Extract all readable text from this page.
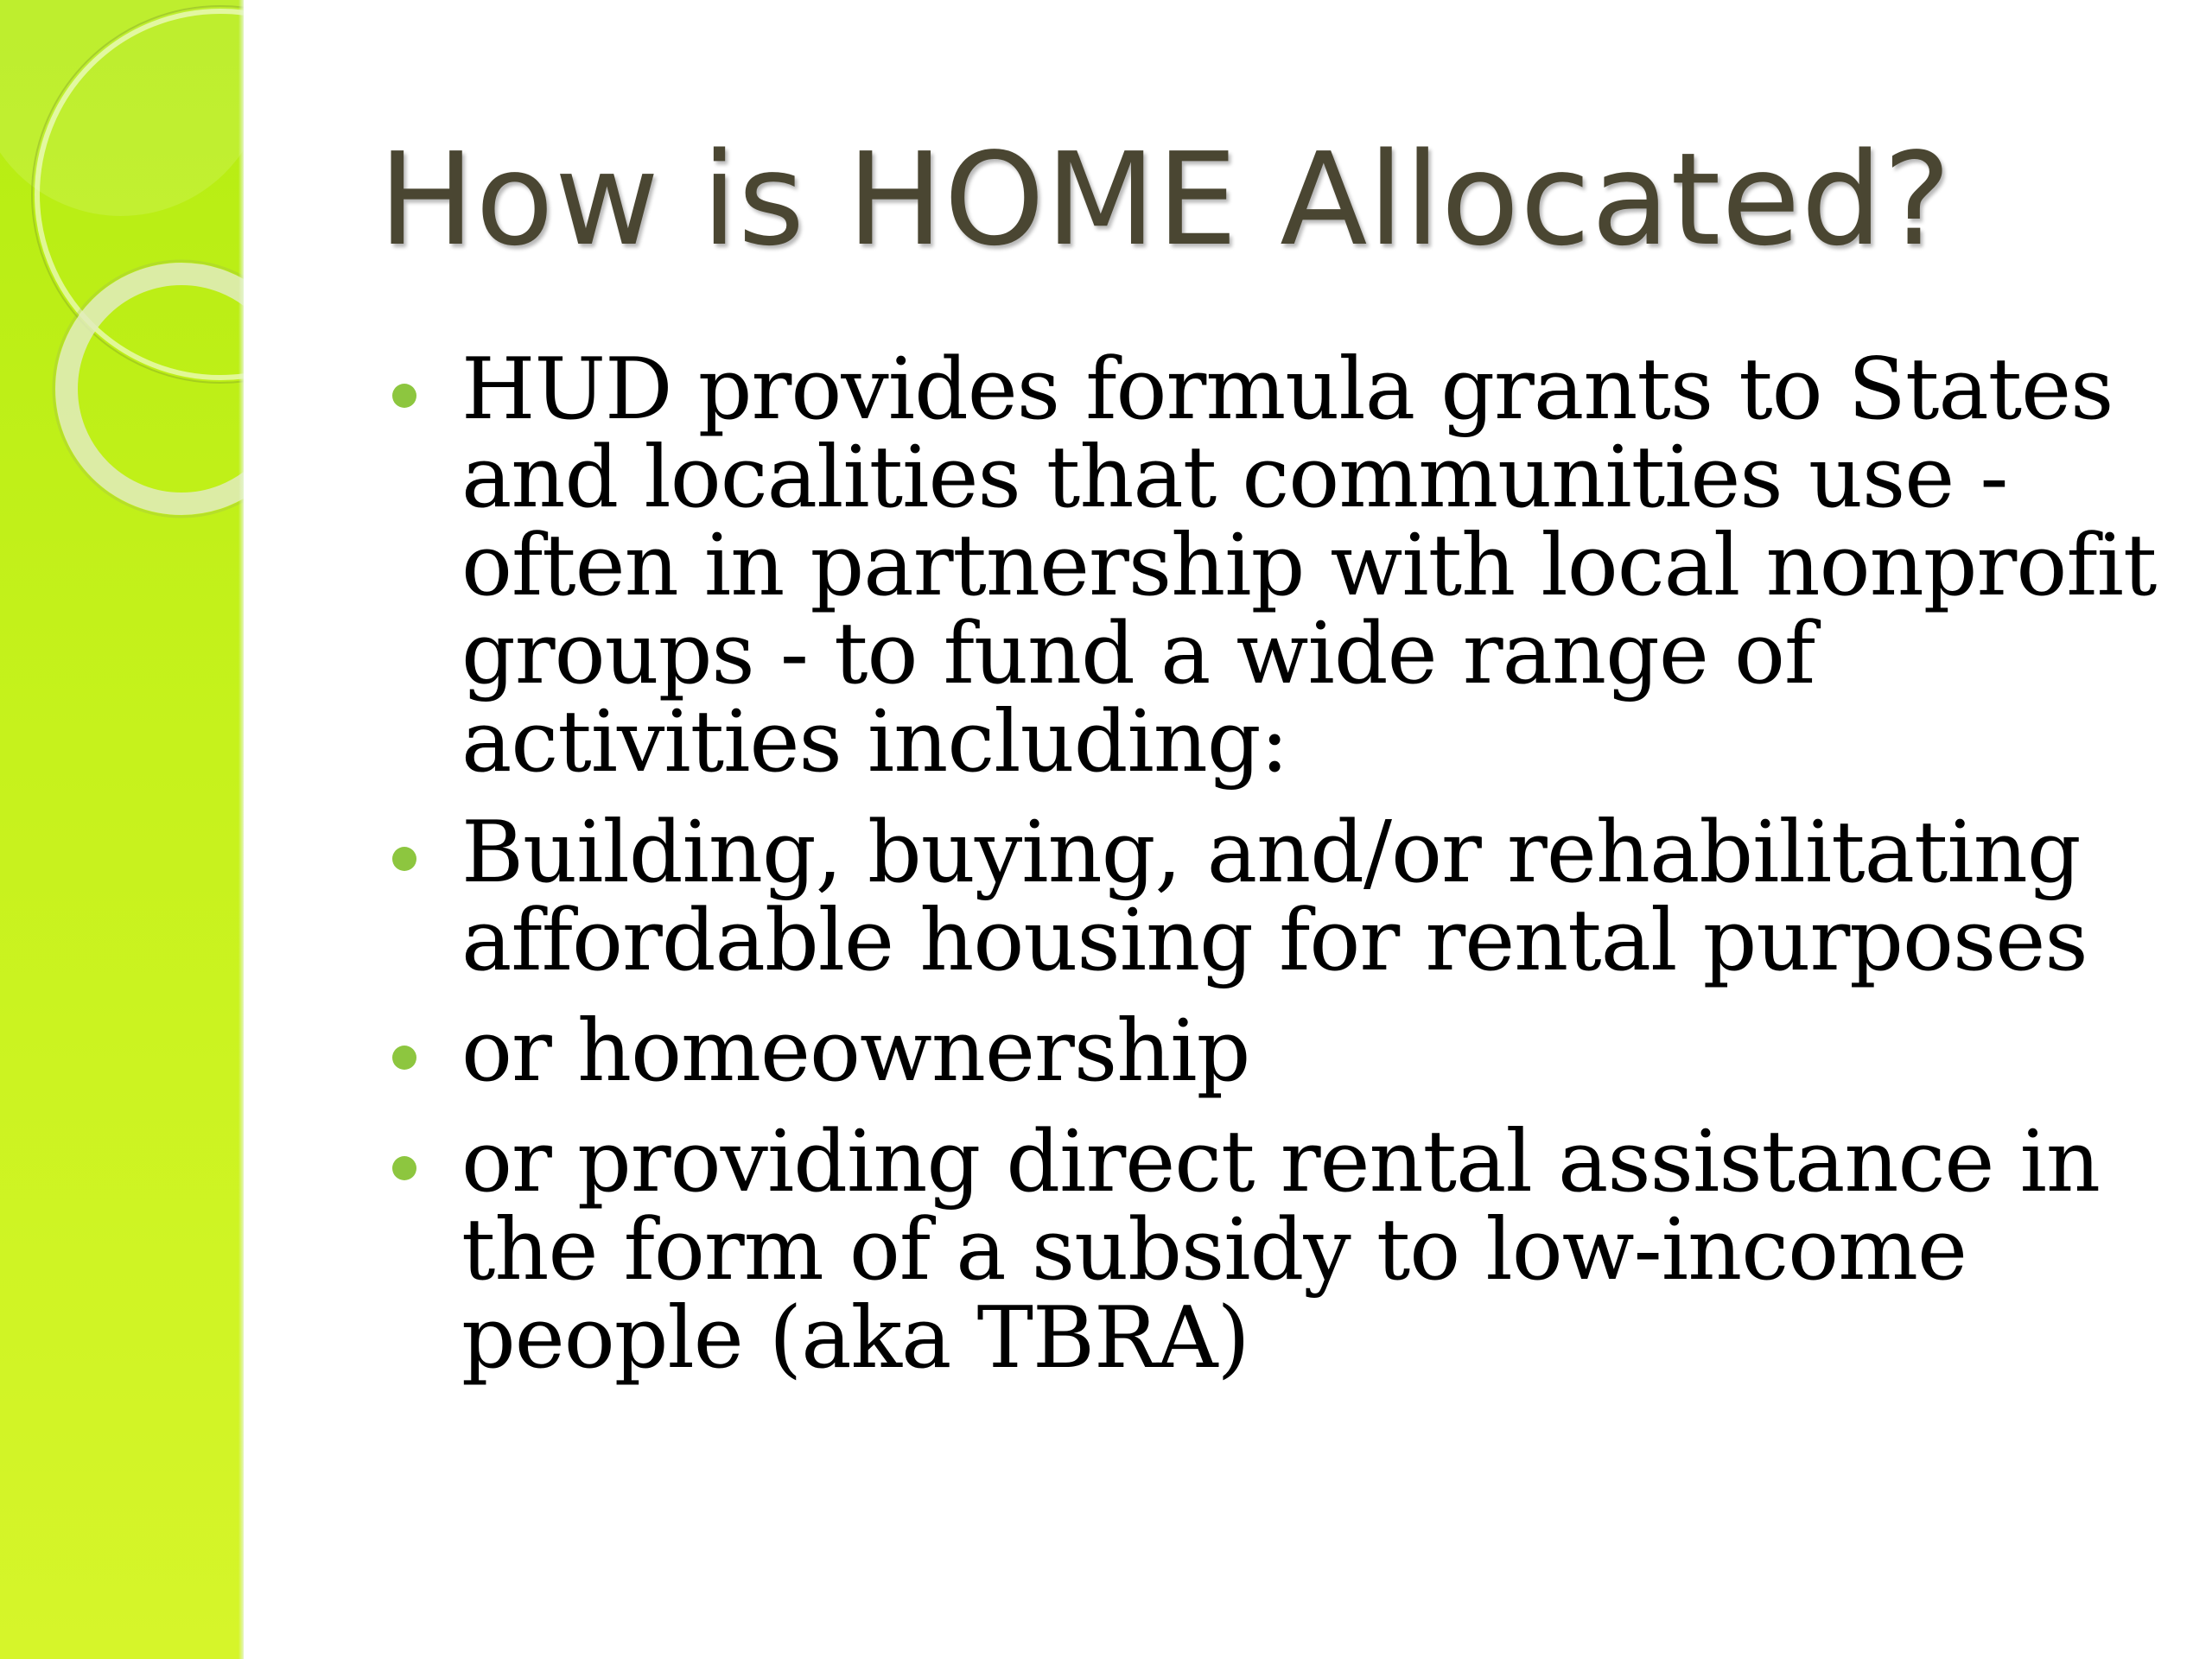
How is HOME Allocated?
HUD provides formula grants to States and localities that communities use - often in partnership with local nonprofit groups - to fund a wide range of activities including:
Building, buying, and/or rehabilitating affordable housing for rental purposes
or homeownership
or providing direct rental assistance in the form of a subsidy to low-income people (aka TBRA)
